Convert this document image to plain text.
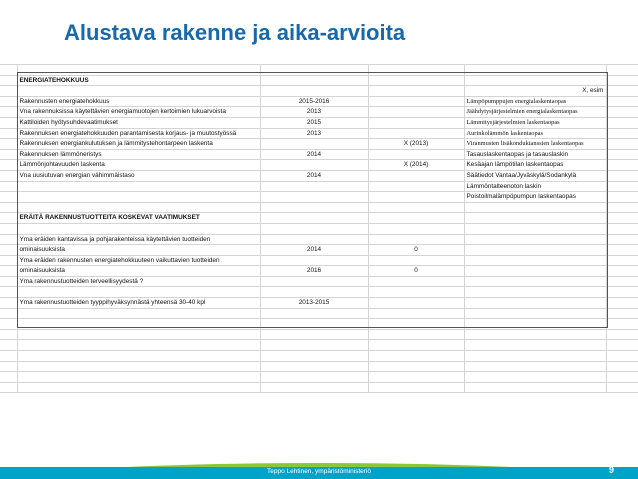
Alustava rakenne ja aika-arvioita

	ENERGIATEHOKKUUS				
				X, esim	
	Rakennusten energiatehokkuus	2015-2016		Lämpöpumppujen energialaskentaopas	
	Vna rakennuksissa käytettävien energiamuotojen kertoimien lukuarvoista	2013		Jäähdytysjärjestelmien energialaskentaopas	
	Kattiloiden hyötysuhdevaatimukset	2015		Lämmitysjärjestelmien laskentaopas	
	Rakennuksen energiatehokkuuden parantamisesta korjaus- ja muutostyössä	2013		Aurinkolämmön laskentaopas	
	Rakennuksen energiankulutuksen ja lämmitystehontarpeen laskenta		X (2013)	Viranmusten lisäkonduktanssien laskentaopas	
	Rakennuksen lämmöneristys	2014		Tasauslaskentaopas ja tasauslaskin	
	Lämmönjohtavuuden laskenta		X (2014)	Kesäajan lämpötilan laskentaopas	
	Vna uusiutuvan energian vähimmäistaso	2014		Säätiedot Vantaa/Jyväskylä/Sodankylä	
				Lämmöntalteenoton laskin	
				Poistoilmalämpöpumpun laskentaopas	

	ERÄITÄ RAKENNUSTUOTTEITA KOSKEVAT VAATIMUKSET				

	Yma eräiden kantavissa ja pohjarakenteissa käytettävien tuotteiden				
	ominaisuuksista	2014	0		
	Yma eräiden rakennusten energiatehokkuuteen vaikuttavien tuotteiden				
	ominaisuuksista	2016	0		
	Yma rakennustuotteiden terveellisyydestä ?				

	Yma rakennustuotteiden tyyppihyväksynnästä yhteensä 30-40 kpl	2013-2015			

Teppo Lehtinen, ympäristöministeriö	9
